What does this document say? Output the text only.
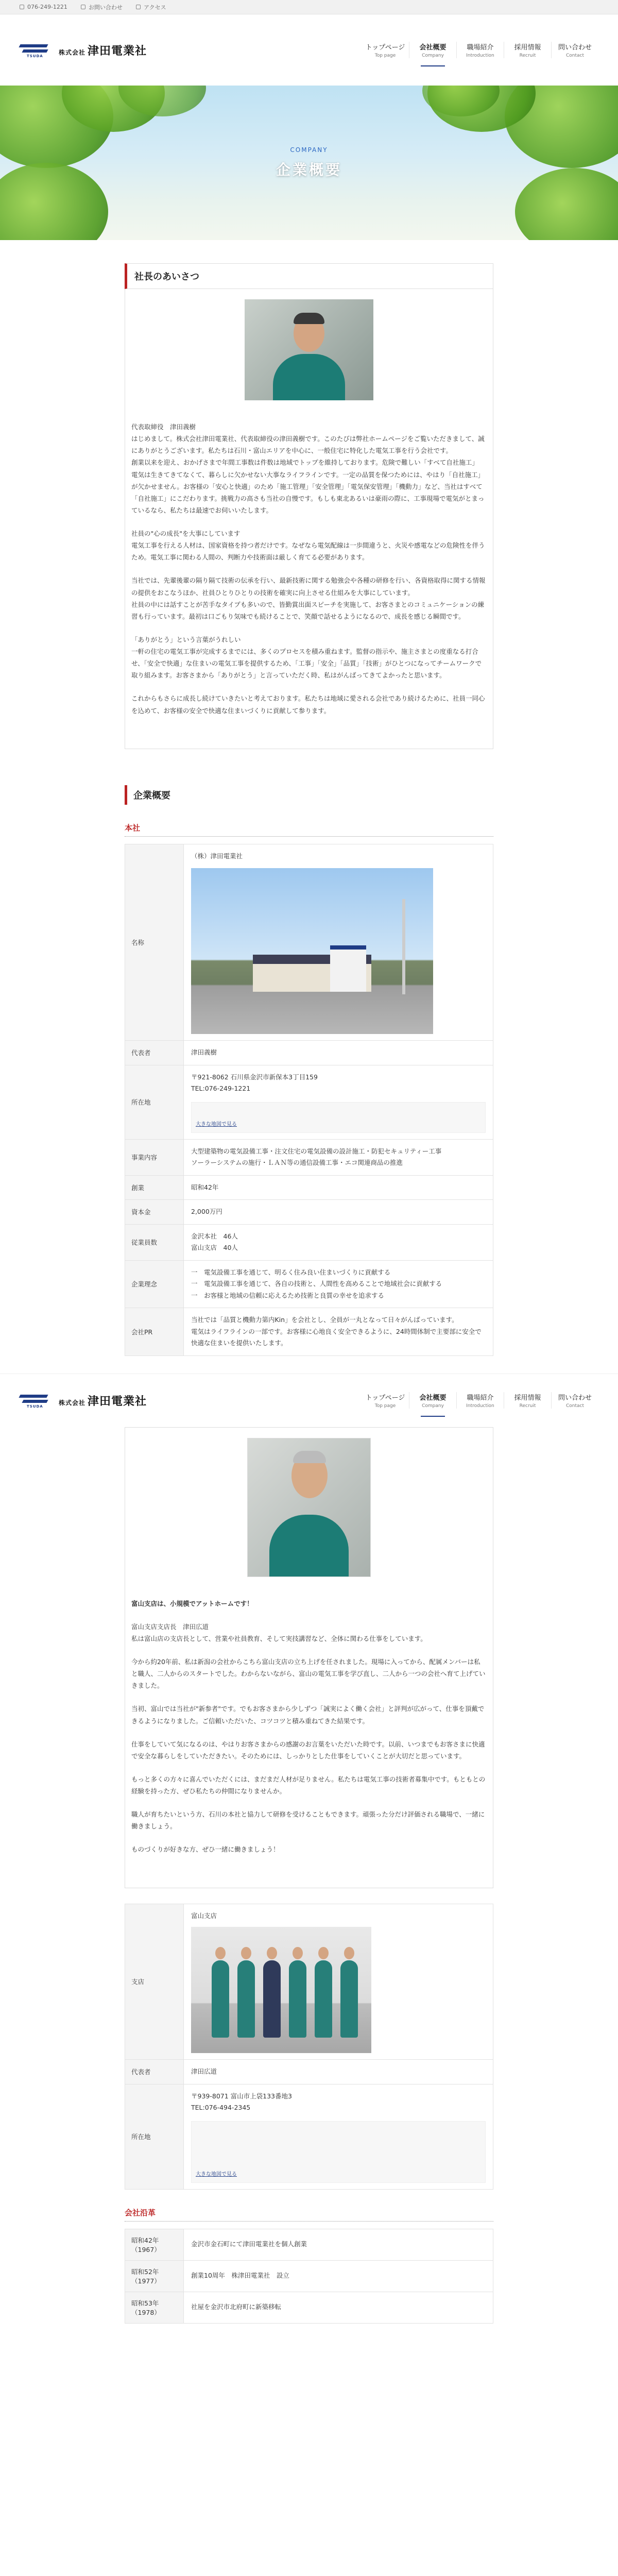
076-249-1221	お問い合わせ	アクセス
TSUDA
株式会社 津田電業社	トップページ
Top page
会社概要
Company
職場紹介
Introduction
採用情報
Recruit
問い合わせ
Contact
COMPANY
企業概要
社長のあいさつ

代表取締役　津田義樹
はじめまして。株式会社津田電業社、代表取締役の津田義樹です。このたびは弊社ホームページをご覧いただきまして、誠にありがとうございます。私たちは石川・富山エリアを中心に、一般住宅に特化した電気工事を行う会社です。
創業以来を迎え、おかげさまで年間工事数は件数は地域でトップを維持しております。危険で難しい「すべて自社施工」
電気は生きてきてなくて、暮らしに欠かせない大事なライフラインです。一定の品質を保つためには、やはり「自社施工」が欠かせません。お客様の「安心と快適」のため「施工管理」「安全管理」「電気保安管理」「機動力」など、当社はすべて「自社施工」にこだわります。挑戦力の高さも当社の自慢です。もしも東北あるいは豪雨の際に、工事現場で電気がとまっているなら、私たちは最速でお伺いいたします。

社員の"心の成長"を大事にしています
電気工事を行える人材は、国家資格を持つ者だけです。なぜなら電気配線は一歩間違うと、火災や感電などの危険性を伴うため。電気工事に関わる人間の、判断力や技術面は厳しく育てる必要があります。

当社では、先輩後輩の隔り隔て技術の伝承を行い、最新技術に関する勉強会や各種の研修を行い、各資格取得に関する情報の提供をおこなうほか、社員ひとりひとりの技術を確実に向上させる仕組みを大事にしています。
社員の中には話すことが苦手なタイプも多いので、皆勤賞出面スピーチを実施して、お客さまとのコミュニケーションの練習も行っています。最初は口ごもり気味でも続けることで、笑顔で話せるようになるので、成長を感じる瞬間です。

「ありがとう」という言葉がうれしい
一軒の住宅の電気工事が完成するまでには、多くのプロセスを積み重ねます。監督の指示や、施主さまとの度重なる打合せ、「安全で快適」な住まいの電気工事を提供するため、「工事」「安全」「品質」「技術」がひとつになってチームワークで取り組みます。お客さまから「ありがとう」と言っていただく時、私はがんばってきてよかったと思います。

これからもさらに成長し続けていきたいと考えております。私たちは地域に愛される会社であり続けるために、社員一同心を込めて、お客様の安全で快適な住まいづくりに貢献して参ります。

企業概要
本社
名称	（株）津田電業社

代表者	津田義樹
所在地	〒921-8062 石川県金沢市新保本3丁目159
TEL:076-249-1221

大きな地図で見る

事業内容	大型建築物の電気設備工事・注文住宅の電気設備の設計施工・防犯セキュリティー工事
ソーラーシステムの施行・ＬＡＮ等の通信設備工事・エコ関連商品の推進
創業	昭和42年
資本金	2,000万円
従業員数	金沢本社　46人
富山支店　40人
企業理念	一　電気設備工事を通じて、明るく住み良い住まいづくりに貢献する
一　電気設備工事を通じて、各自の技術と、人間性を高めることで地域社会に貢献する
一　お客様と地域の信頼に応えるため技術と良質の幸せを追求する
会社PR	当社では「品質と機動力第内Kin」を会社とし、全員が一丸となって日々がんばっています。
電気はライフラインの一部です。お客様に心地良く安全できるように、24時間体制で主要部に安全で快適な住まいを提供いたします。
TSUDA
株式会社 津田電業社	トップページ
Top page
会社概要
Company
職場紹介
Introduction
採用情報
Recruit
問い合わせ
Contact

富山支店は、小規模でアットホームです！

富山支店支店長　津田広道
私は富山店の支店長として、営業や社員教育、そして実技講習など、全体に関わる仕事をしています。

今から約20年前、私は新潟の会社からこちら富山支店の立ち上げを任されました。現場に入ってから、配属メンバーは私と職人、二人からのスタートでした。わからないながら、富山の電気工事を学び直し、二人から一つの会社へ育て上げていきました。

当初、富山では当社が"新参者"です。でもお客さまから少しずつ「誠実によく働く会社」と評判が広がって、仕事を頂戴できるようになりました。ご信頼いただいた、コツコツと積み重ねてきた結果です。

仕事をしていて気になるのは、やはりお客さまからの感謝のお言葉をいただいた時です。以前、いつまでもお客さまに快適で安全な暮らしをしていただきたい。そのためには、しっかりとした仕事をしていくことが大切だと思っています。

もっと多くの方々に喜んでいただくには、まだまだ人材が足りません。私たちは電気工事の技術者募集中です。もともとの経験を持った方、ぜひ私たちの仲間になりませんか。

職人が育ちたいという方、石川の本社と協力して研修を受けることもできます。頑張った分だけ評価される職場で、一緒に働きましょう。

ものづくりが好きな方、ぜひ一緒に働きましょう！

支店	富山支店

代表者	津田広道
所在地	〒939-8071 富山市上袋133番地3
TEL:076-494-2345

大きな地図で見る
会社沿革
昭和42年
（1967）	金沢市金石町にて津田電業社を個人創業
昭和52年
（1977）	創業10周年　株津田電業社　設立
昭和53年
（1978）	社屋を金沢市北府町に新築移転
